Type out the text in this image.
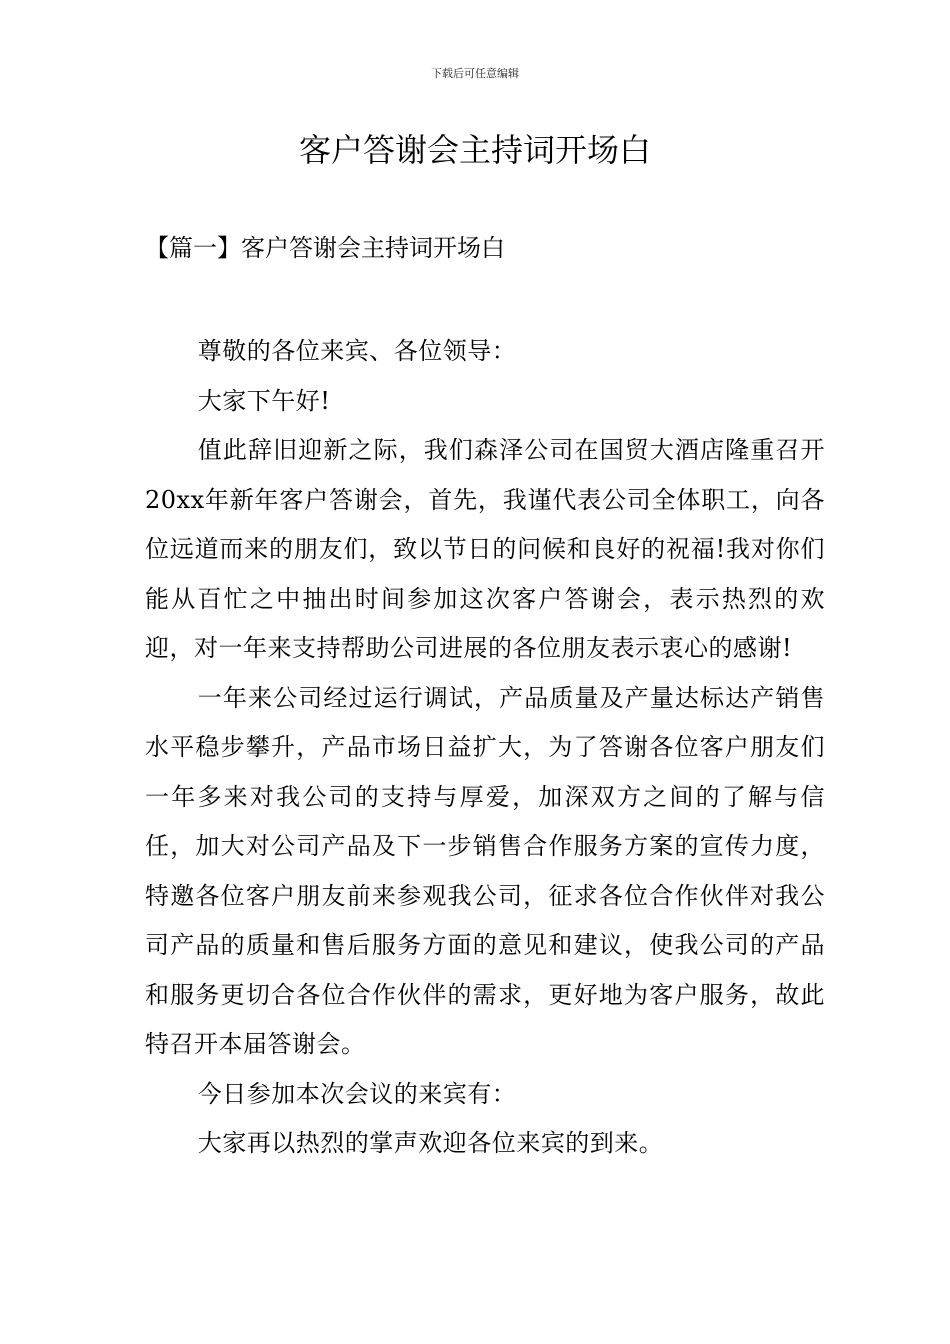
下载后可任意编辑
客户答谢会主持词开场白
【篇一】客户答谢会主持词开场白

尊敬的各位来宾、各位领导：

大家下午好!

值此辞旧迎新之际，我们森泽公司在国贸大酒店隆重召开20xx年新年客户答谢会，首先，我谨代表公司全体职工，向各位远道而来的朋友们，致以节日的问候和良好的祝福!我对你们能从百忙之中抽出时间参加这次客户答谢会，表示热烈的欢迎，对一年来支持帮助公司进展的各位朋友表示衷心的感谢!

一年来公司经过运行调试，产品质量及产量达标达产销售水平稳步攀升，产品市场日益扩大，为了答谢各位客户朋友们一年多来对我公司的支持与厚爱，加深双方之间的了解与信任，加大对公司产品及下一步销售合作服务方案的宣传力度，特邀各位客户朋友前来参观我公司，征求各位合作伙伴对我公司产品的质量和售后服务方面的意见和建议，使我公司的产品和服务更切合各位合作伙伴的需求，更好地为客户服务，故此特召开本届答谢会。

今日参加本次会议的来宾有：

大家再以热烈的掌声欢迎各位来宾的到来。
